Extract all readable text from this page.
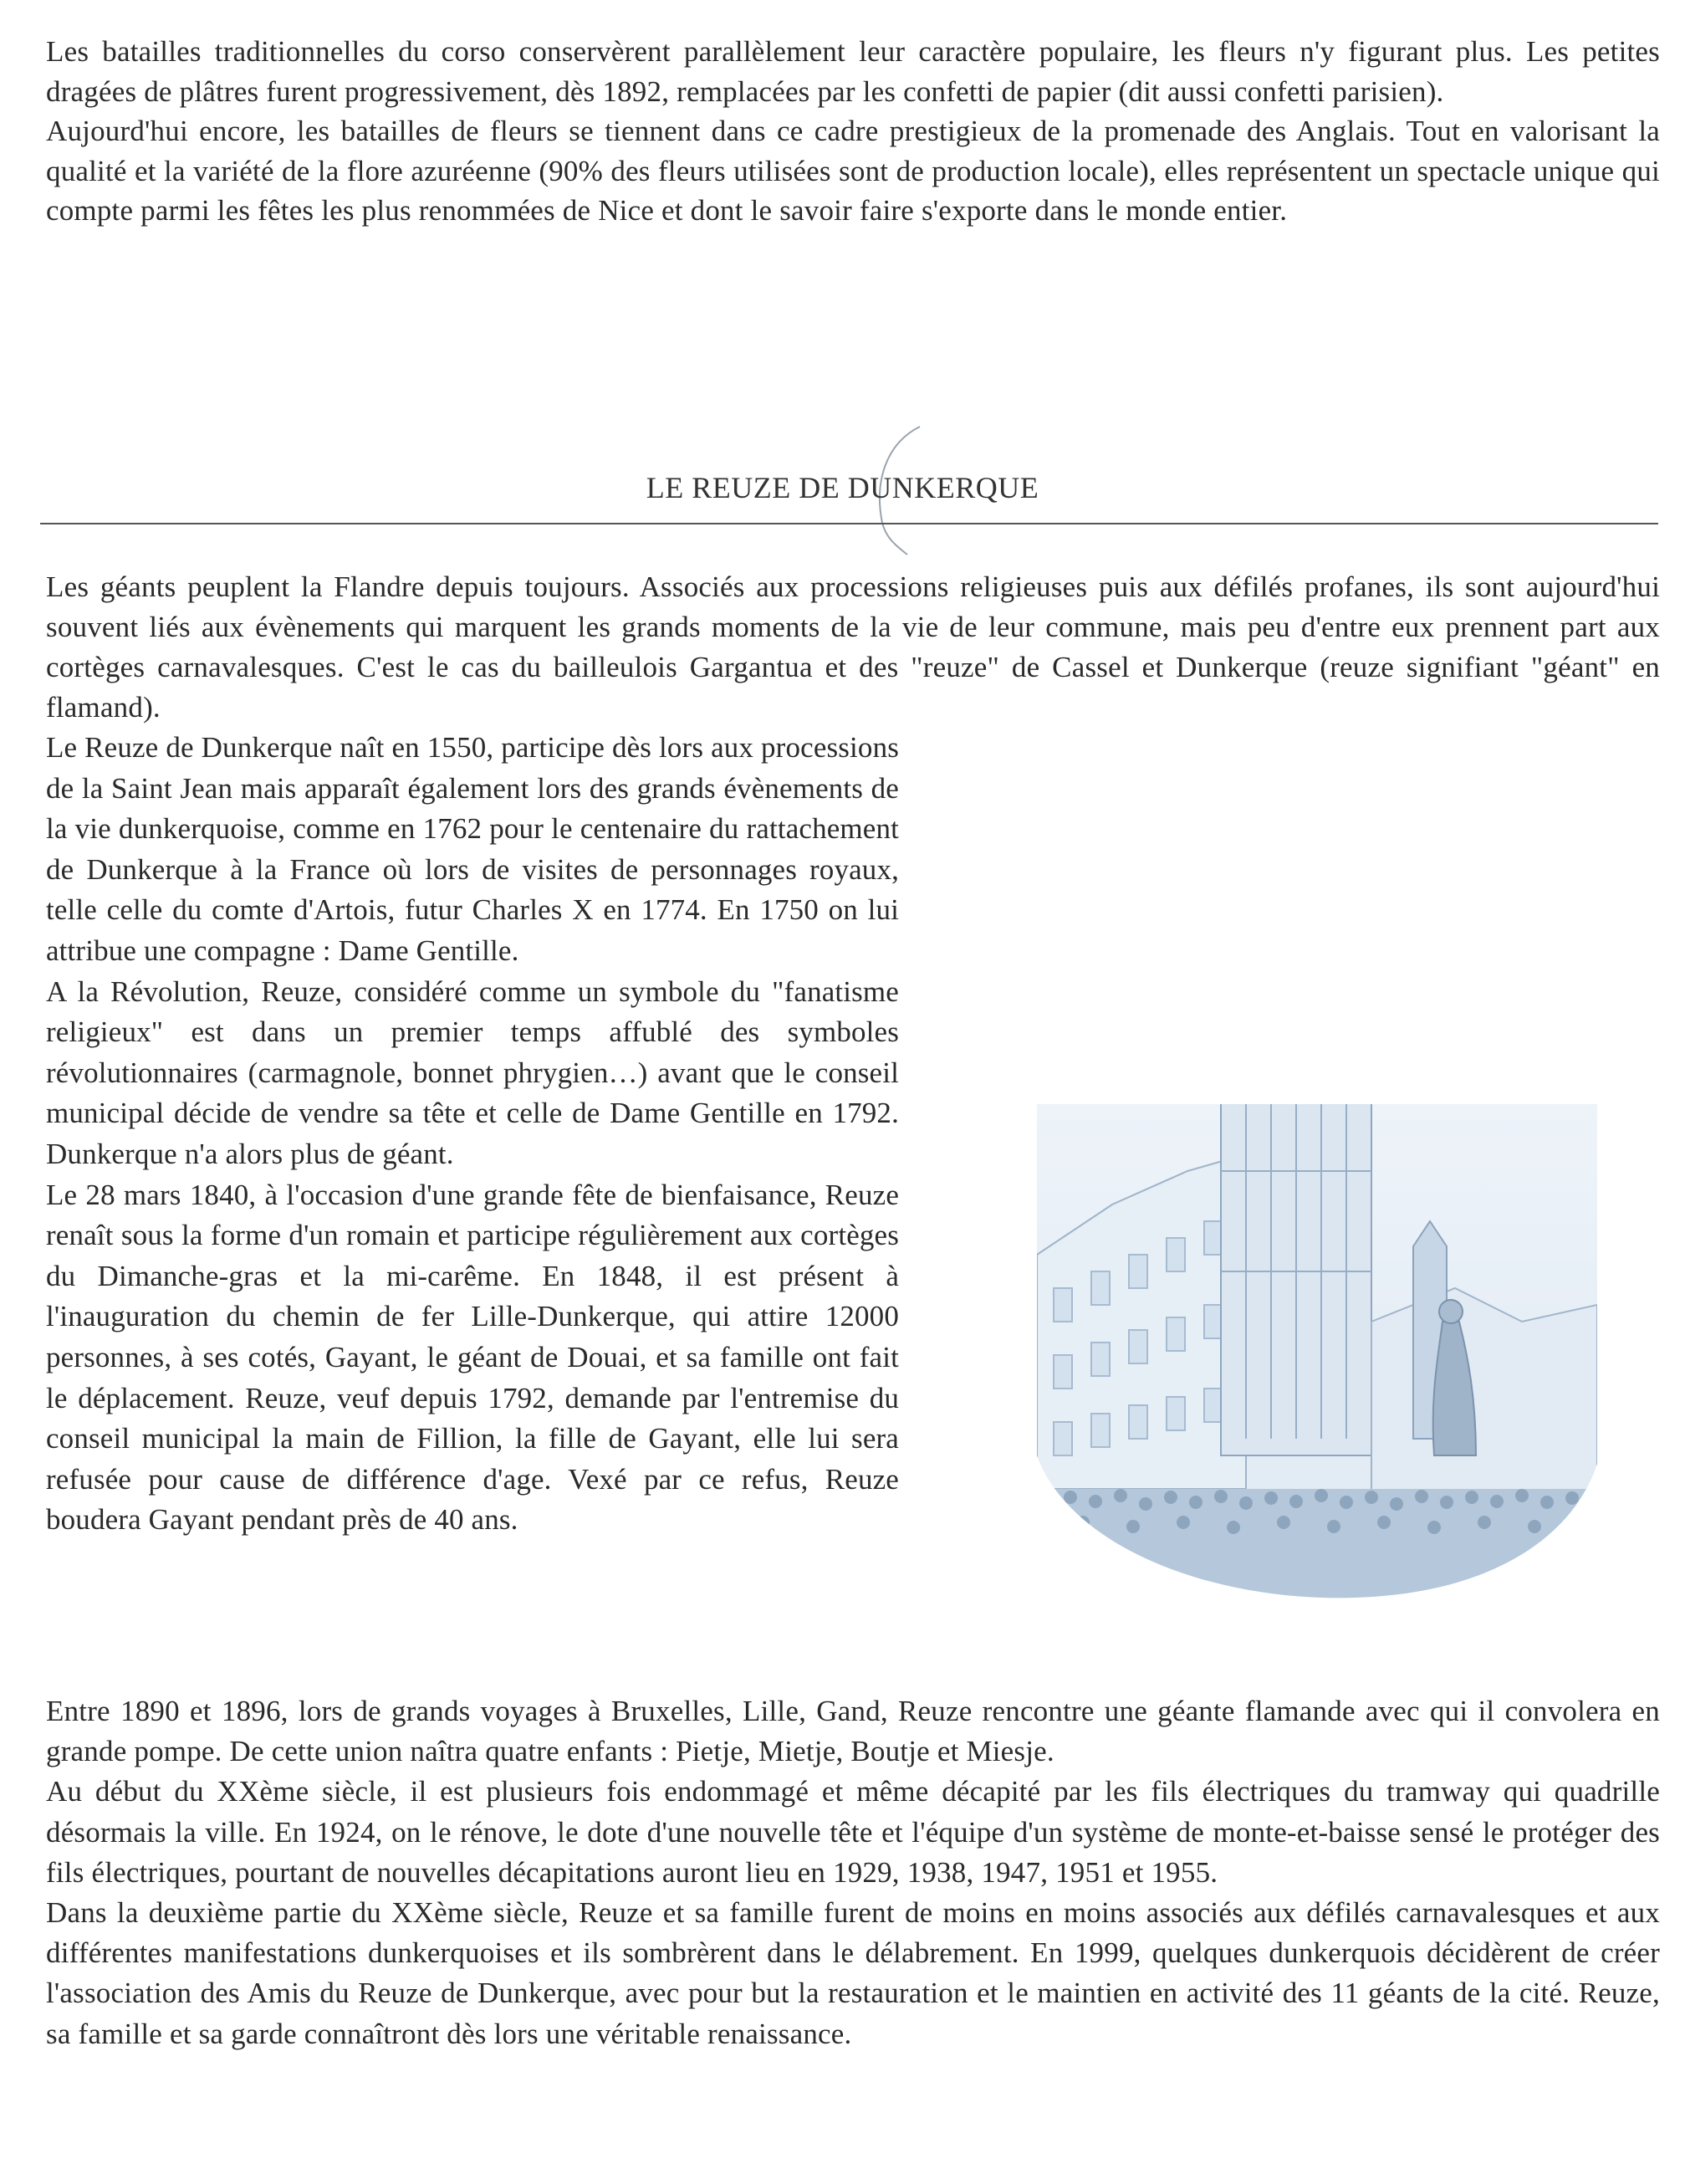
Les batailles traditionnelles du corso conservèrent parallèlement leur caractère populaire, les fleurs n'y figurant plus. Les petites dragées de plâtres furent progressivement, dès 1892, remplacées par les confetti de papier (dit aussi confetti parisien).

Aujourd'hui encore, les batailles de fleurs se tiennent dans ce cadre prestigieux de la promenade des Anglais. Tout en valorisant la qualité et la variété de la flore azuréenne (90% des fleurs utilisées sont de production locale), elles représentent un spectacle unique qui compte parmi les fêtes les plus renommées de Nice et dont le savoir faire s'exporte dans le monde entier.

LE REUZE DE DUNKERQUE

Les géants peuplent la Flandre depuis toujours. Associés aux processions religieuses puis aux défilés profanes, ils sont aujourd'hui souvent liés aux évènements qui marquent les grands moments de la vie de leur commune, mais peu d'entre eux prennent part aux cortèges carnavalesques. C'est le cas du bailleulois Gargantua et des "reuze" de Cassel et Dunkerque (reuze signifiant "géant" en flamand).

Le Reuze de Dunkerque naît en 1550, participe dès lors aux processions de la Saint Jean mais apparaît également lors des grands évènements de la vie dunkerquoise, comme en 1762 pour le centenaire du rattachement de Dunkerque à la France où lors de visites de personnages royaux, telle celle du comte d'Artois, futur Charles X en 1774. En 1750 on lui attribue une compagne : Dame Gentille.

A la Révolution, Reuze, considéré comme un symbole du "fanatisme religieux" est dans un premier temps affublé des symboles révolutionnaires (carmagnole, bonnet phrygien…) avant que le conseil municipal décide de vendre sa tête et celle de Dame Gentille en 1792. Dunkerque n'a alors plus de géant.

Le 28 mars 1840, à l'occasion d'une grande fête de bienfaisance, Reuze renaît sous la forme d'un romain et participe régulièrement aux cortèges du Dimanche-gras et la mi-carême. En 1848, il est présent à l'inauguration du chemin de fer Lille-Dunkerque, qui attire 12000 personnes, à ses cotés, Gayant, le géant de Douai, et sa famille ont fait le déplacement. Reuze, veuf depuis 1792, demande par l'entremise du conseil municipal la main de Fillion, la fille de Gayant, elle lui sera refusée pour cause de différence d'age. Vexé par ce refus, Reuze boudera Gayant pendant près de 40 ans.

Entre 1890 et 1896, lors de grands voyages à Bruxelles, Lille, Gand, Reuze rencontre une géante flamande avec qui il convolera en grande pompe. De cette union naîtra quatre enfants : Pietje, Mietje, Boutje et Miesje.

Au début du XXème siècle, il est plusieurs fois endommagé et même décapité par les fils électriques du tramway qui quadrille désormais la ville. En 1924, on le rénove, le dote d'une nouvelle tête et l'équipe d'un système de monte-et-baisse sensé le protéger des fils électriques, pourtant de nouvelles décapitations auront lieu en 1929, 1938, 1947, 1951 et 1955.

Dans la deuxième partie du XXème siècle, Reuze et sa famille furent de moins en moins associés aux défilés carnavalesques et aux différentes manifestations dunkerquoises et ils sombrèrent dans le délabrement. En 1999, quelques dunkerquois décidèrent de créer l'association des Amis du Reuze de Dunkerque, avec pour but la restauration et le maintien en activité des 11 géants de la cité. Reuze, sa famille et sa garde connaîtront dès lors une véritable renaissance.
